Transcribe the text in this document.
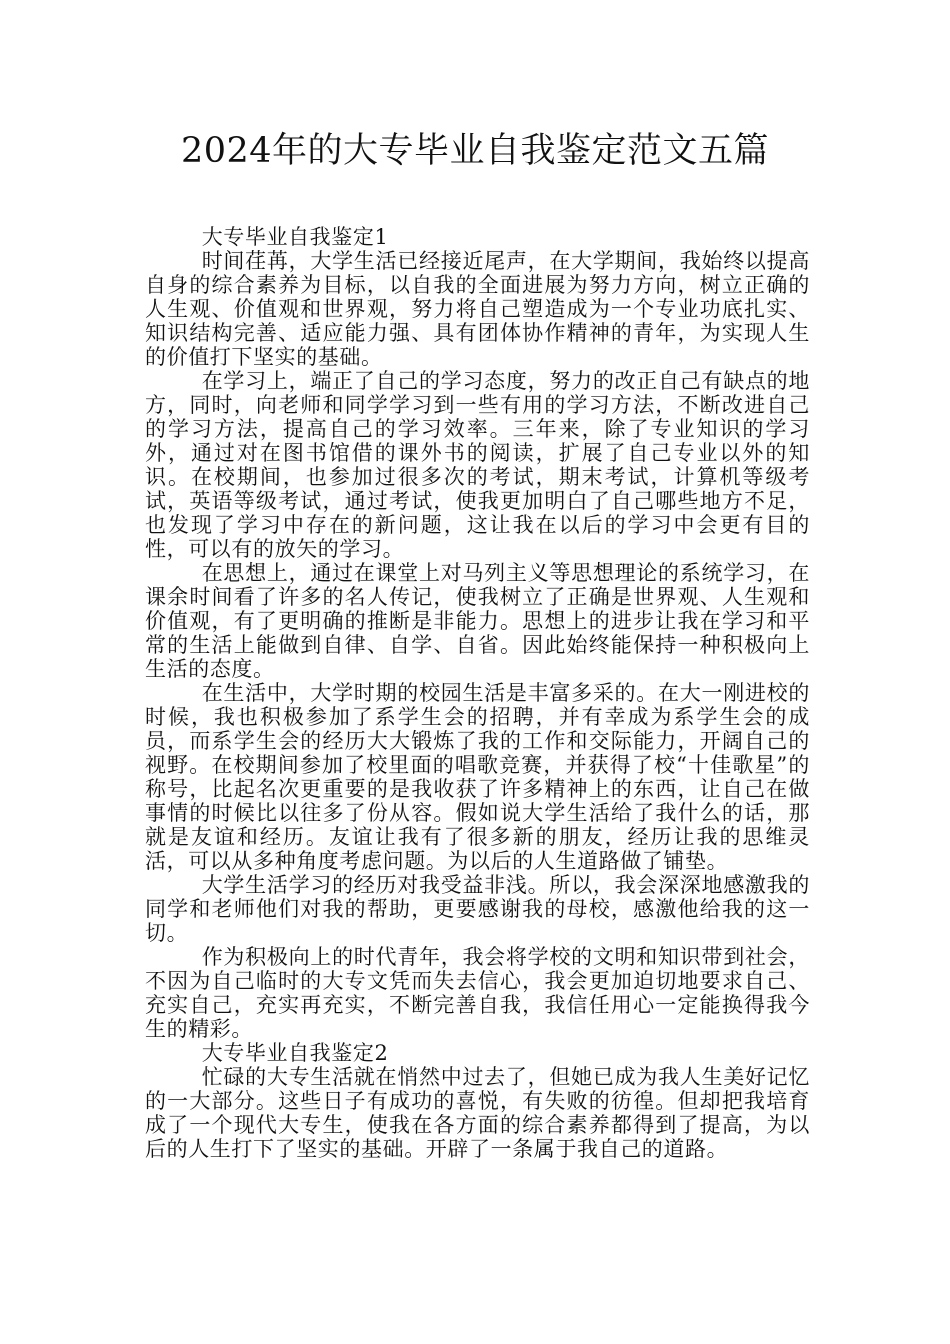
2024年的大专毕业自我鉴定范文五篇

大专毕业自我鉴定1

时间荏苒，大学生活已经接近尾声，在大学期间，我始终以提高自身的综合素养为目标，以自我的全面进展为努力方向，树立正确的人生观、价值观和世界观，努力将自己塑造成为一个专业功底扎实、知识结构完善、适应能力强、具有团体协作精神的青年，为实现人生的价值打下坚实的基础。

在学习上，端正了自己的学习态度，努力的改正自己有缺点的地方，同时，向老师和同学学习到一些有用的学习方法，不断改进自己的学习方法，提高自己的学习效率。三年来，除了专业知识的学习外，通过对在图书馆借的课外书的阅读，扩展了自己专业以外的知识。在校期间，也参加过很多次的考试，期末考试，计算机等级考试，英语等级考试，通过考试，使我更加明白了自己哪些地方不足，也发现了学习中存在的新问题，这让我在以后的学习中会更有目的性，可以有的放矢的学习。

在思想上，通过在课堂上对马列主义等思想理论的系统学习，在课余时间看了许多的名人传记，使我树立了正确是世界观、人生观和价值观，有了更明确的推断是非能力。思想上的进步让我在学习和平常的生活上能做到自律、自学、自省。因此始终能保持一种积极向上生活的态度。

在生活中，大学时期的校园生活是丰富多采的。在大一刚进校的时候，我也积极参加了系学生会的招聘，并有幸成为系学生会的成员，而系学生会的经历大大锻炼了我的工作和交际能力，开阔自己的视野。在校期间参加了校里面的唱歌竞赛，并获得了校“十佳歌星”的称号，比起名次更重要的是我收获了许多精神上的东西，让自己在做事情的时候比以往多了份从容。假如说大学生活给了我什么的话，那就是友谊和经历。友谊让我有了很多新的朋友，经历让我的思维灵活，可以从多种角度考虑问题。为以后的人生道路做了铺垫。

大学生活学习的经历对我受益非浅。所以，我会深深地感激我的同学和老师他们对我的帮助，更要感谢我的母校，感激他给我的这一切。

作为积极向上的时代青年，我会将学校的文明和知识带到社会，不因为自己临时的大专文凭而失去信心，我会更加迫切地要求自己、充实自己，充实再充实，不断完善自我，我信任用心一定能换得我今生的精彩。

大专毕业自我鉴定2

忙碌的大专生活就在悄然中过去了，但她已成为我人生美好记忆的一大部分。这些日子有成功的喜悦，有失败的彷徨。但却把我培育成了一个现代大专生，使我在各方面的综合素养都得到了提高，为以后的人生打下了坚实的基础。开辟了一条属于我自己的道路。
